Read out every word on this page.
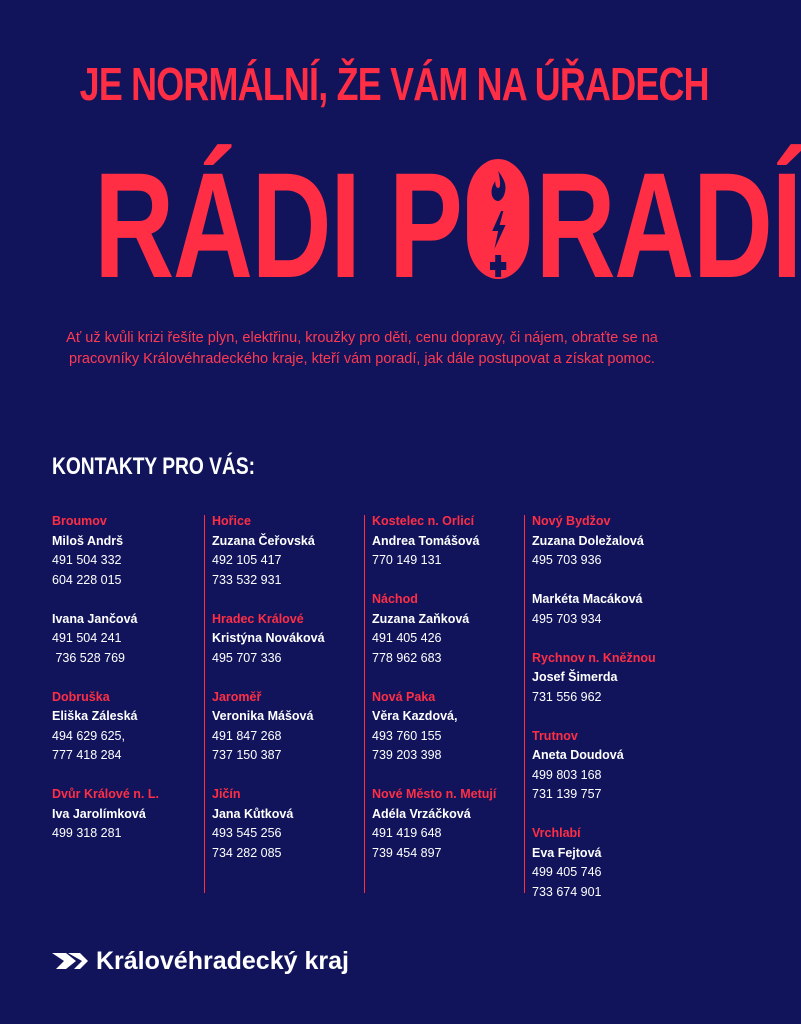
JE NORMÁLNÍ, ŽE VÁM NA ÚŘADECH
RÁDI P RADÍ
Ať už kvůli krizi řešíte plyn, elektřinu, kroužky pro děti, cenu dopravy, či nájem, obraťte se na pracovníky Královéhradeckého kraje, kteří vám poradí, jak dále postupovat a získat pomoc.
KONTAKTY PRO VÁS:
Broumov
Miloš Andrš
491 504 332
604 228 015
Ivana Jančová
491 504 241
736 528 769
Dobruška
Eliška Záleská
494 629 625,
777 418 284
Dvůr Králové n. L.
Iva Jarolímková
499 318 281
Hořice
Zuzana Čeřovská
492 105 417
733 532 931
Hradec Králové
Kristýna Nováková
495 707 336
Jaroměř
Veronika Mášová
491 847 268
737 150 387
Jičín
Jana Kůtková
493 545 256
734 282 085
Kostelec n. Orlicí
Andrea Tomášová
770 149 131
Náchod
Zuzana Zaňková
491 405 426
778 962 683
Nová Paka
Věra Kazdová,
493 760 155
739 203 398
Nové Město n. Metují
Adéla Vrzáčková
491 419 648
739 454 897
Nový Bydžov
Zuzana Doležalová
495 703 936
Markéta Macáková
495 703 934
Rychnov n. Kněžnou
Josef Šimerda
731 556 962
Trutnov
Aneta Doudová
499 803 168
731 139 757
Vrchlabí
Eva Fejtová
499 405 746
733 674 901
Královéhradecký kraj
